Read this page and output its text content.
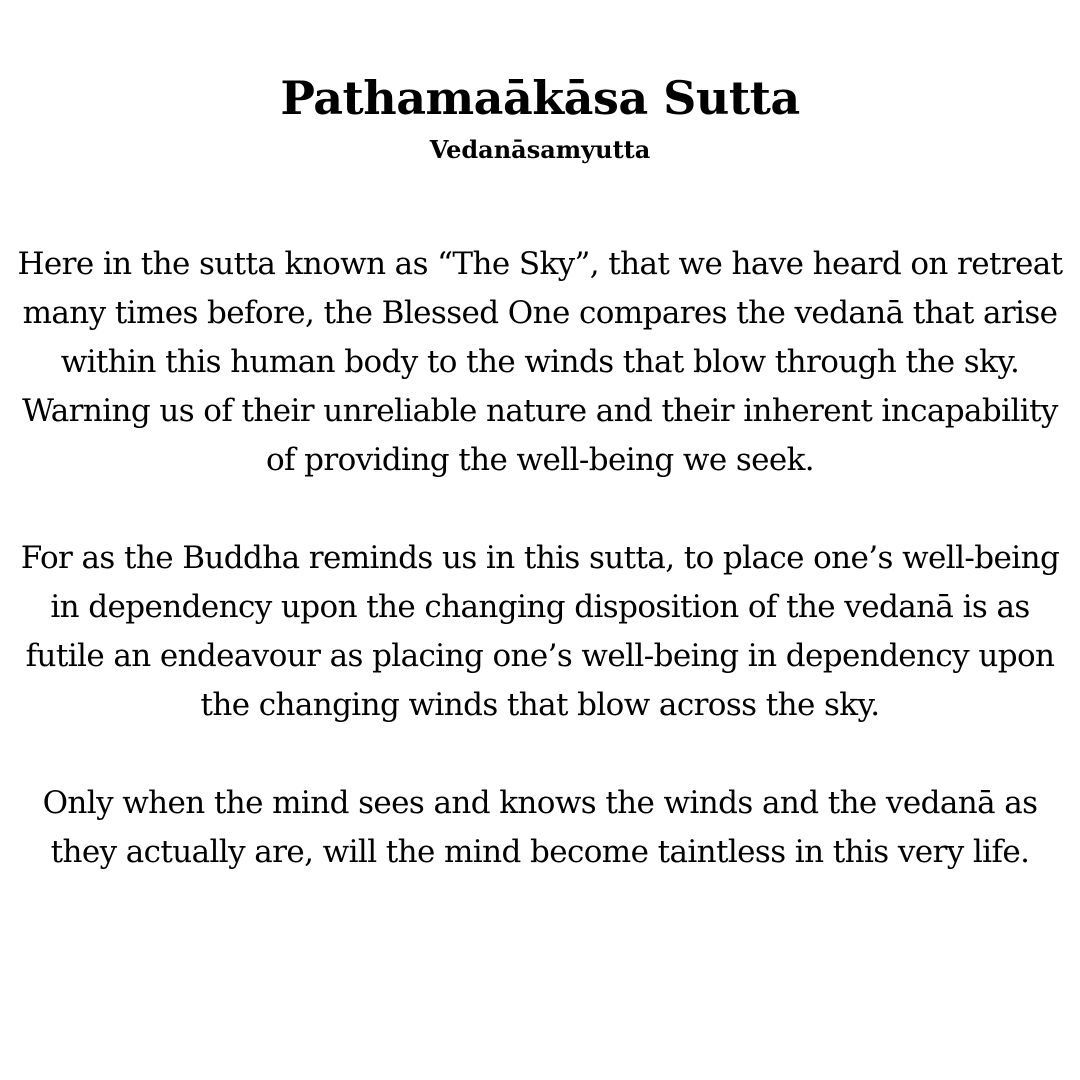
Pathamaākāsa Sutta
Vedanāsamyutta

Here in the sutta known as “The Sky”, that we have heard on retreat many times before, the Blessed One compares the vedanā that arise within this human body to the winds that blow through the sky. Warning us of their unreliable nature and their inherent incapability of providing the well-being we seek.

For as the Buddha reminds us in this sutta, to place one’s well-being in dependency upon the changing disposition of the vedanā is as futile an endeavour as placing one’s well-being in dependency upon the changing winds that blow across the sky.

Only when the mind sees and knows the winds and the vedanā as they actually are, will the mind become taintless in this very life.
